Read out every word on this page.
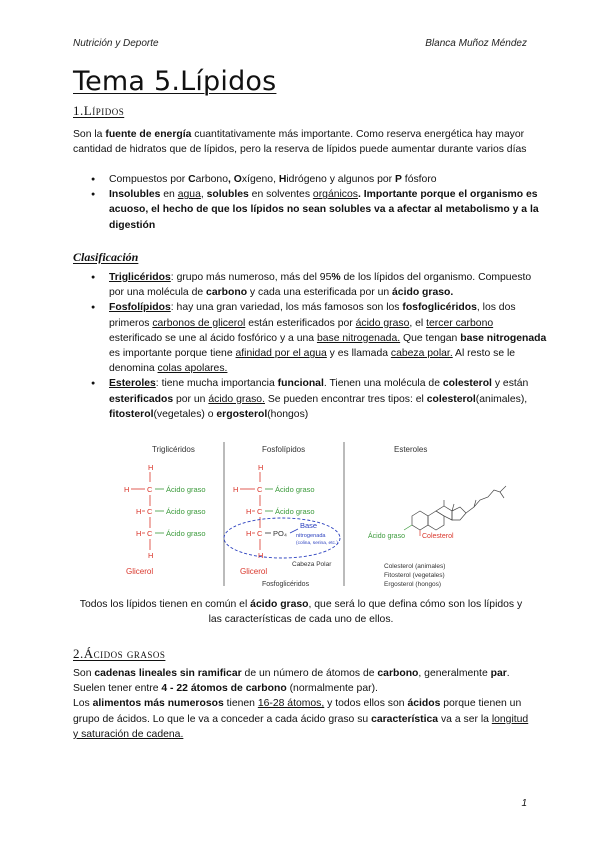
Nutrición y Deporte	Blanca Muñoz Méndez
Tema 5.Lípidos
1.Lípidos

Son la fuente de energía cuantitativamente más importante. Como reserva energética hay mayor cantidad de hidratos que de lípidos, pero la reserva de lípidos puede aumentar durante varios días

● Compuestos por Carbono, Oxígeno, Hidrógeno y algunos por P fósforo
● Insolubles en agua, solubles en solventes orgánicos. Importante porque el organismo es acuoso, el hecho de que los lípidos no sean solubles va a afectar al metabolismo y a la digestión
Clasificación
● Triglicéridos: grupo más numeroso, más del 95% de los lípidos del organismo. Compuesto por una molécula de carbono y cada una esterificada por un ácido graso.
● Fosfolípidos: hay una gran variedad, los más famosos son los fosfoglicéridos, los dos primeros carbonos de glicerol están esterificados por ácido graso, el tercer carbono esterificado se une al ácido fosfórico y a una base nitrogenada. Que tengan base nitrogenada es importante porque tiene afinidad por el agua y es llamada cabeza polar. Al resto se le denomina colas apolares.
● Esteroles: tiene mucha importancia funcional. Tienen una molécula de colesterol y están esterificados por un ácido graso. Se pueden encontrar tres tipos: el colesterol(animales), fitosterol(vegetales) o ergosterol(hongos)
Triglicéridos	Fosfolípidos	Esteroles
H
H C Ácido graso
H C Ácido graso
H C Ácido graso
H
Glicerol
H
H C Ácido graso
H C Ácido graso
H C PO₄
Base
nitrogenada
(colina, serina, etc.)
H
Cabeza Polar
Glicerol
Fosfoglicéridos
Ácido graso Colesterol
Colesterol (animales)
Fitosterol (vegetales)
Ergosterol (hongos)
Todos los lípidos tienen en común el ácido graso, que será lo que defina cómo son los lípidos y las características de cada uno de ellos.
2.Ácidos grasos

Son cadenas lineales sin ramificar de un número de átomos de carbono, generalmente par. Suelen tener entre 4 - 22 átomos de carbono (normalmente par).

Los alimentos más numerosos tienen 16-28 átomos, y todos ellos son ácidos porque tienen un grupo de ácidos. Lo que le va a conceder a cada ácido graso su característica va a ser la longitud y saturación de cadena.

1
